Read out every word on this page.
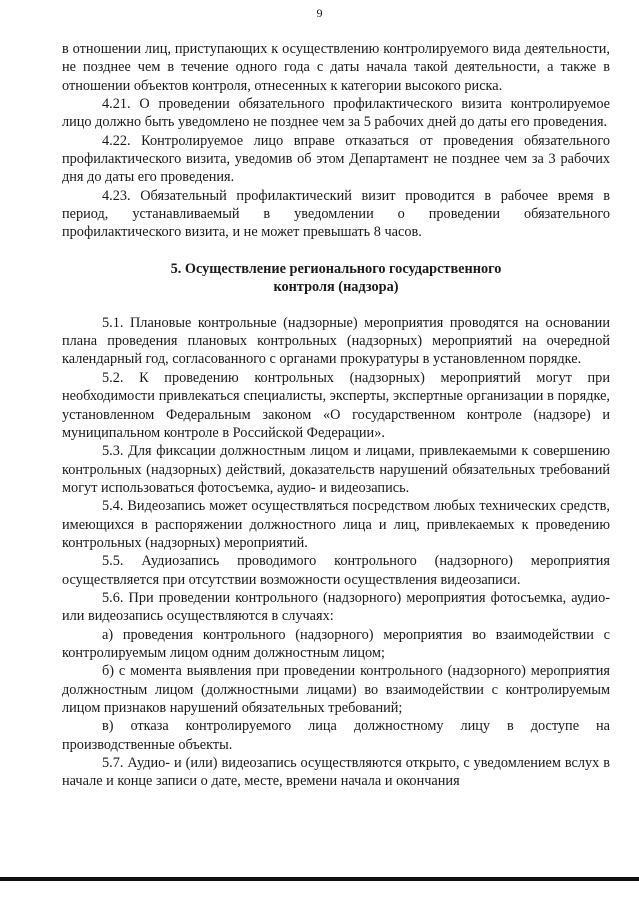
9

в отношении лиц, приступающих к осуществлению контролируемого вида деятельности, не позднее чем в течение одного года с даты начала такой деятельности, а также в отношении объектов контроля, отнесенных к категории высокого риска.

4.21. О проведении обязательного профилактического визита контролируемое лицо должно быть уведомлено не позднее чем за 5 рабочих дней до даты его проведения.

4.22. Контролируемое лицо вправе отказаться от проведения обязательного профилактического визита, уведомив об этом Департамент не позднее чем за 3 рабочих дня до даты его проведения.

4.23. Обязательный профилактический визит проводится в рабочее время в период, устанавливаемый в уведомлении о проведении обязательного профилактического визита, и не может превышать 8 часов.

5. Осуществление регионального государственного
контроля (надзора)

5.1. Плановые контрольные (надзорные) мероприятия проводятся на основании плана проведения плановых контрольных (надзорных) мероприятий на очередной календарный год, согласованного с органами прокуратуры в установленном порядке.

5.2. К проведению контрольных (надзорных) мероприятий могут при необходимости привлекаться специалисты, эксперты, экспертные организации в порядке, установленном Федеральным законом «О государственном контроле (надзоре) и муниципальном контроле в Российской Федерации».

5.3. Для фиксации должностным лицом и лицами, привлекаемыми к совершению контрольных (надзорных) действий, доказательств нарушений обязательных требований могут использоваться фотосъемка, аудио- и видеозапись.

5.4. Видеозапись может осуществляться посредством любых технических средств, имеющихся в распоряжении должностного лица и лиц, привлекаемых к проведению контрольных (надзорных) мероприятий.

5.5. Аудиозапись проводимого контрольного (надзорного) мероприятия осуществляется при отсутствии возможности осуществления видеозаписи.

5.6. При проведении контрольного (надзорного) мероприятия фотосъемка, аудио- или видеозапись осуществляются в случаях:

а) проведения контрольного (надзорного) мероприятия во взаимодействии с контролируемым лицом одним должностным лицом;

б) с момента выявления при проведении контрольного (надзорного) мероприятия должностным лицом (должностными лицами) во взаимодействии с контролируемым лицом признаков нарушений обязательных требований;

в) отказа контролируемого лица должностному лицу в доступе на производственные объекты.

5.7. Аудио- и (или) видеозапись осуществляются открыто, с уведомлением вслух в начале и конце записи о дате, месте, времени начала и окончания
